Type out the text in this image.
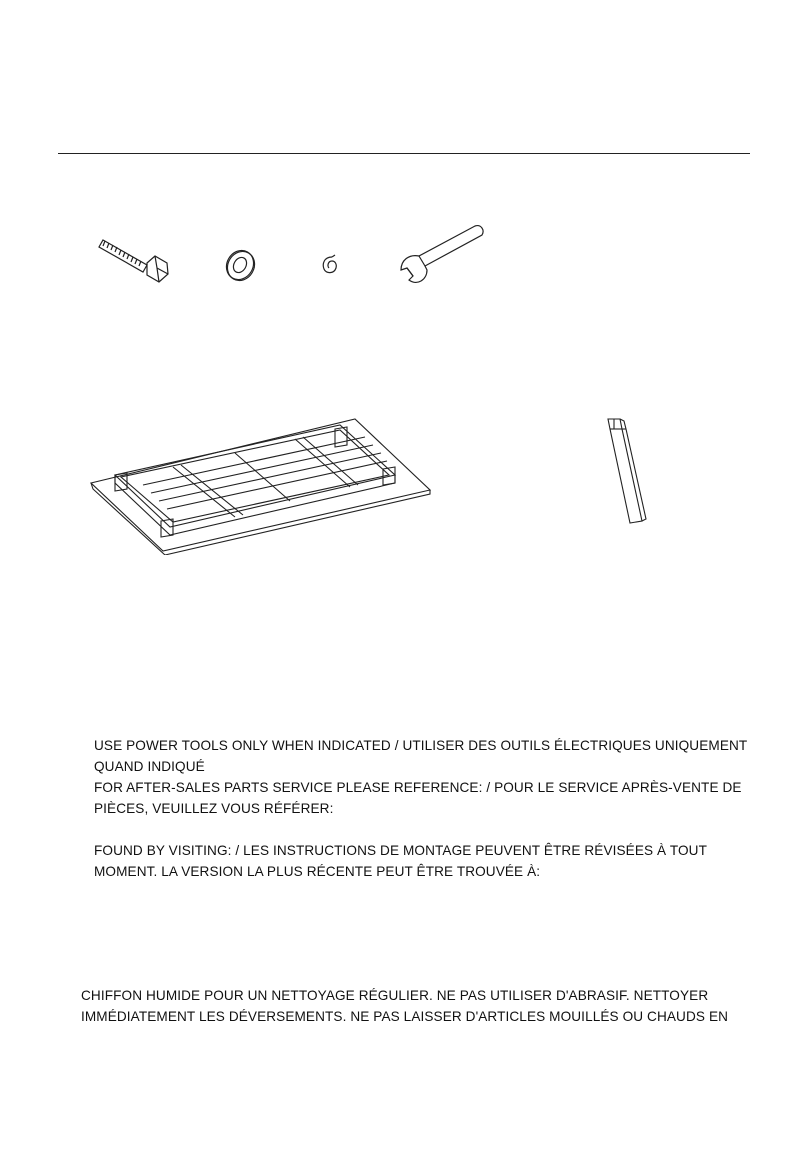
USE POWER TOOLS ONLY WHEN INDICATED / UTILISER DES OUTILS ÉLECTRIQUES UNIQUEMENT

QUAND INDIQUÉ

FOR AFTER-SALES PARTS SERVICE PLEASE REFERENCE: / POUR LE SERVICE APRÈS-VENTE DE

PIÈCES, VEUILLEZ VOUS RÉFÉRER:

FOUND BY VISITING: / LES INSTRUCTIONS DE MONTAGE PEUVENT ÊTRE RÉVISÉES À TOUT

MOMENT. LA VERSION LA PLUS RÉCENTE PEUT ÊTRE TROUVÉE À:

CHIFFON HUMIDE POUR UN NETTOYAGE RÉGULIER. NE PAS UTILISER D'ABRASIF. NETTOYER

IMMÉDIATEMENT LES DÉVERSEMENTS. NE PAS LAISSER D'ARTICLES MOUILLÉS OU CHAUDS EN
